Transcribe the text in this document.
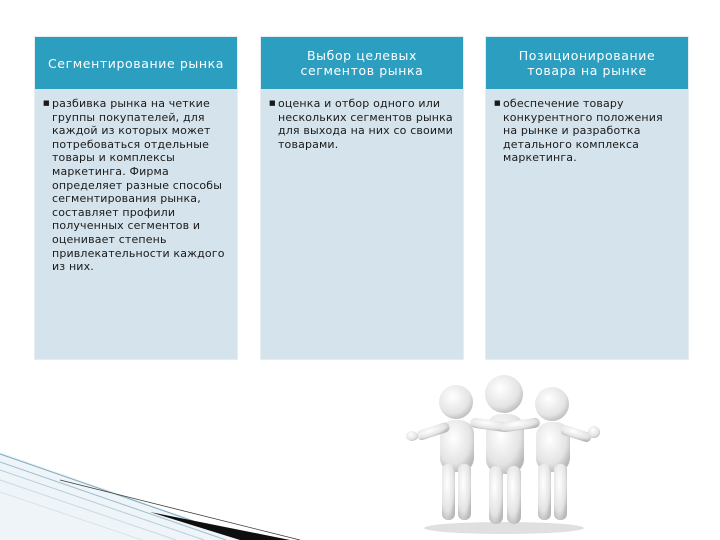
Сегментирование рынка
■ разбивка рынка на четкие группы покупателей, для каждой из которых может потребоваться отдельные товары и комплексы маркетинга. Фирма определяет разные способы сегментирования рынка, составляет профили полученных сегментов и оценивает степень привлекательности каждого из них.
Выбор целевых сегментов рынка
■ оценка и отбор одного или нескольких сегментов рынка для выхода на них со своими товарами.
Позиционирование товара на рынке
■ обеспечение товару конкурентного положения на рынке и разработка детального комплекса маркетинга.
